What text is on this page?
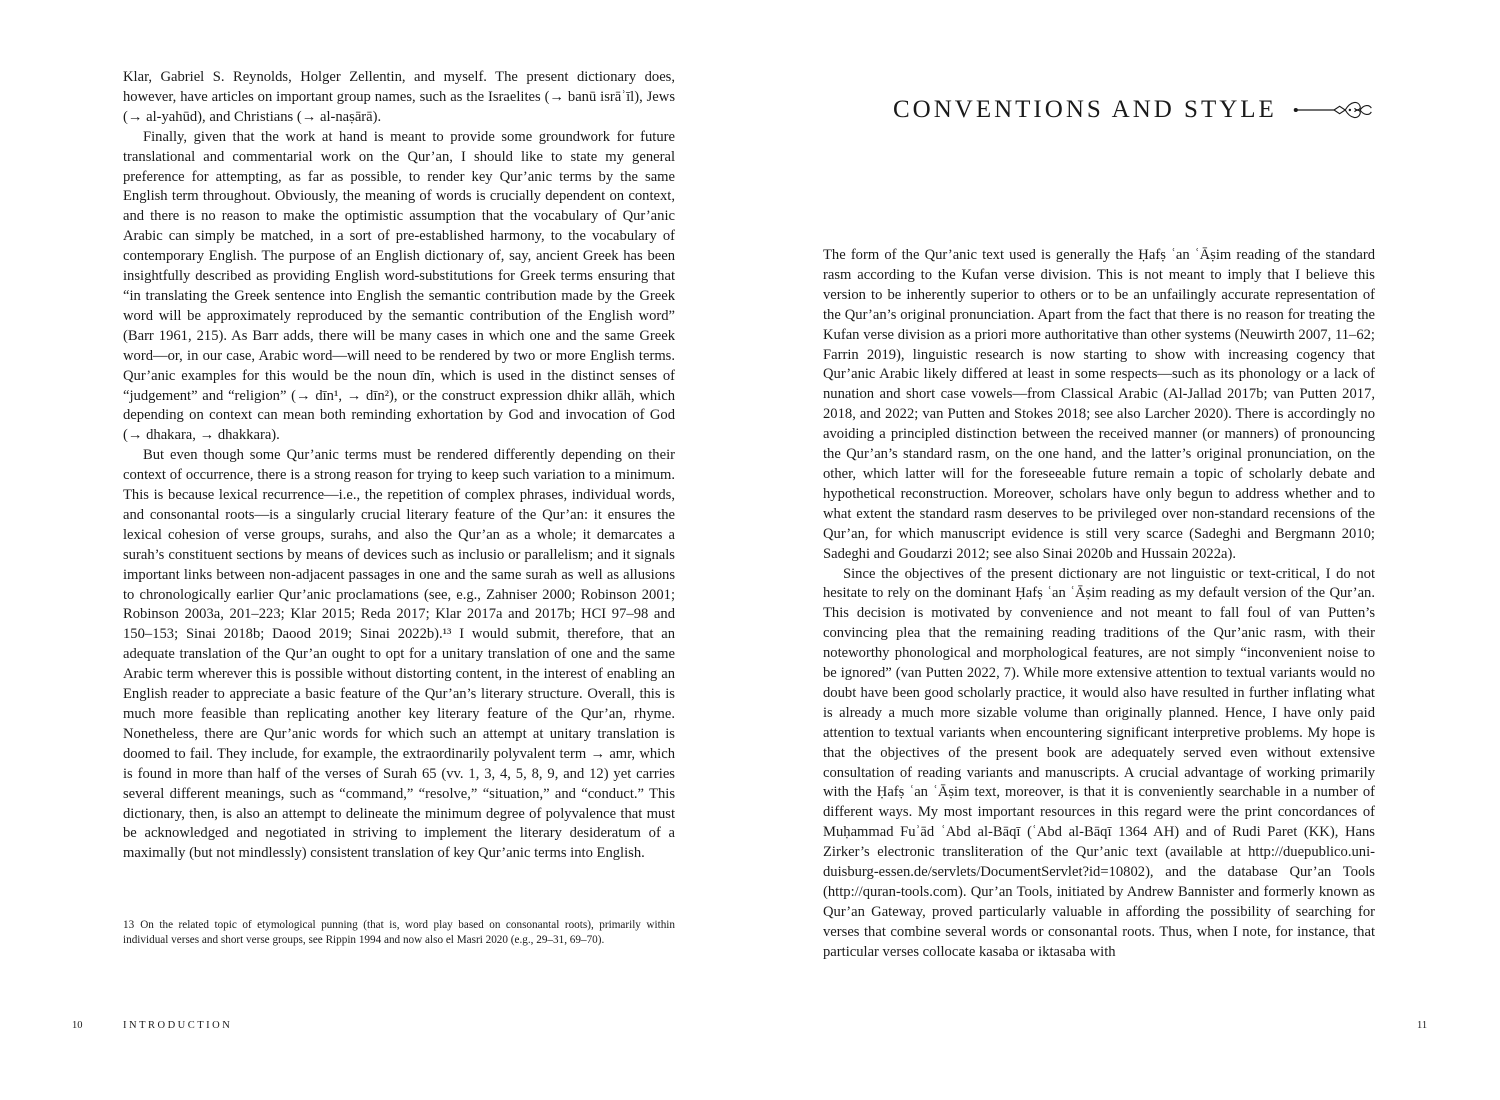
Klar, Gabriel S. Reynolds, Holger Zellentin, and myself. The present dictionary does, however, have articles on important group names, such as the Israelites (→ banū isrāʾīl), Jews (→ al-yahūd), and Christians (→ al-naṣārā).

Finally, given that the work at hand is meant to provide some groundwork for future translational and commentarial work on the Qur’an, I should like to state my general preference for attempting, as far as possible, to render key Qur’anic terms by the same English term throughout. Obviously, the meaning of words is crucially dependent on context, and there is no reason to make the optimistic assumption that the vocabulary of Qur’anic Arabic can simply be matched, in a sort of pre-established harmony, to the vocabulary of contemporary English. The purpose of an English dictionary of, say, ancient Greek has been insightfully described as providing English word-substitutions for Greek terms ensuring that “in translating the Greek sentence into English the semantic contribution made by the Greek word will be approximately reproduced by the semantic contribution of the English word” (Barr 1961, 215). As Barr adds, there will be many cases in which one and the same Greek word—or, in our case, Arabic word—will need to be rendered by two or more English terms. Qur’anic examples for this would be the noun dīn, which is used in the distinct senses of “judgement” and “religion” (→ dīn¹, → dīn²), or the construct expression dhikr allāh, which depending on context can mean both reminding exhortation by God and invocation of God (→ dhakara, → dhakkara).

But even though some Qur’anic terms must be rendered differently depending on their context of occurrence, there is a strong reason for trying to keep such variation to a minimum. This is because lexical recurrence—i.e., the repetition of complex phrases, individual words, and consonantal roots—is a singularly crucial literary feature of the Qur’an: it ensures the lexical cohesion of verse groups, surahs, and also the Qur’an as a whole; it demarcates a surah’s constituent sections by means of devices such as inclusio or parallelism; and it signals important links between non-adjacent passages in one and the same surah as well as allusions to chronologically earlier Qur’anic proclamations (see, e.g., Zahniser 2000; Robinson 2001; Robinson 2003a, 201–223; Klar 2015; Reda 2017; Klar 2017a and 2017b; HCI 97–98 and 150–153; Sinai 2018b; Daood 2019; Sinai 2022b).¹³ I would submit, therefore, that an adequate translation of the Qur’an ought to opt for a unitary translation of one and the same Arabic term wherever this is possible without distorting content, in the interest of enabling an English reader to appreciate a basic feature of the Qur’an’s literary structure. Overall, this is much more feasible than replicating another key literary feature of the Qur’an, rhyme. Nonetheless, there are Qur’anic words for which such an attempt at unitary translation is doomed to fail. They include, for example, the extraordinarily polyvalent term → amr, which is found in more than half of the verses of Surah 65 (vv. 1, 3, 4, 5, 8, 9, and 12) yet carries several different meanings, such as “command,” “resolve,” “situation,” and “conduct.” This dictionary, then, is also an attempt to delineate the minimum degree of polyvalence that must be acknowledged and negotiated in striving to implement the literary desideratum of a maximally (but not mindlessly) consistent translation of key Qur’anic terms into English.

13 On the related topic of etymological punning (that is, word play based on consonantal roots), primarily within individual verses and short verse groups, see Rippin 1994 and now also el Masri 2020 (e.g., 29–31, 69–70).
10	INTRODUCTION
CONVENTIONS AND STYLE

The form of the Qur’anic text used is generally the Ḥafṣ ʿan ʿĀṣim reading of the standard rasm according to the Kufan verse division. This is not meant to imply that I believe this version to be inherently superior to others or to be an unfailingly accurate representation of the Qur’an’s original pronunciation. Apart from the fact that there is no reason for treating the Kufan verse division as a priori more authoritative than other systems (Neuwirth 2007, 11–62; Farrin 2019), linguistic research is now starting to show with increasing cogency that Qur’anic Arabic likely differed at least in some respects—such as its phonology or a lack of nunation and short case vowels—from Classical Arabic (Al-Jallad 2017b; van Putten 2017, 2018, and 2022; van Putten and Stokes 2018; see also Larcher 2020). There is accordingly no avoiding a principled distinction between the received manner (or manners) of pronouncing the Qur’an’s standard rasm, on the one hand, and the latter’s original pronunciation, on the other, which latter will for the foreseeable future remain a topic of scholarly debate and hypothetical reconstruction. Moreover, scholars have only begun to address whether and to what extent the standard rasm deserves to be privileged over non-standard recensions of the Qur’an, for which manuscript evidence is still very scarce (Sadeghi and Bergmann 2010; Sadeghi and Goudarzi 2012; see also Sinai 2020b and Hussain 2022a).

Since the objectives of the present dictionary are not linguistic or text-critical, I do not hesitate to rely on the dominant Ḥafṣ ʿan ʿĀṣim reading as my default version of the Qur’an. This decision is motivated by convenience and not meant to fall foul of van Putten’s convincing plea that the remaining reading traditions of the Qur’anic rasm, with their noteworthy phonological and morphological features, are not simply “inconvenient noise to be ignored” (van Putten 2022, 7). While more extensive attention to textual variants would no doubt have been good scholarly practice, it would also have resulted in further inflating what is already a much more sizable volume than originally planned. Hence, I have only paid attention to textual variants when encountering significant interpretive problems. My hope is that the objectives of the present book are adequately served even without extensive consultation of reading variants and manuscripts. A crucial advantage of working primarily with the Ḥafṣ ʿan ʿĀṣim text, moreover, is that it is conveniently searchable in a number of different ways. My most important resources in this regard were the print concordances of Muḥammad Fuʾād ʿAbd al-Bāqī (ʿAbd al-Bāqī 1364 AH) and of Rudi Paret (KK), Hans Zirker’s electronic transliteration of the Qur’anic text (available at http://duepublico.uni-duisburg-essen.de/servlets/DocumentServlet?id=10802), and the database Qur’an Tools (http://quran-tools.com). Qur’an Tools, initiated by Andrew Bannister and formerly known as Qur’an Gateway, proved particularly valuable in affording the possibility of searching for verses that combine several words or consonantal roots. Thus, when I note, for instance, that particular verses collocate kasaba or iktasaba with

11
